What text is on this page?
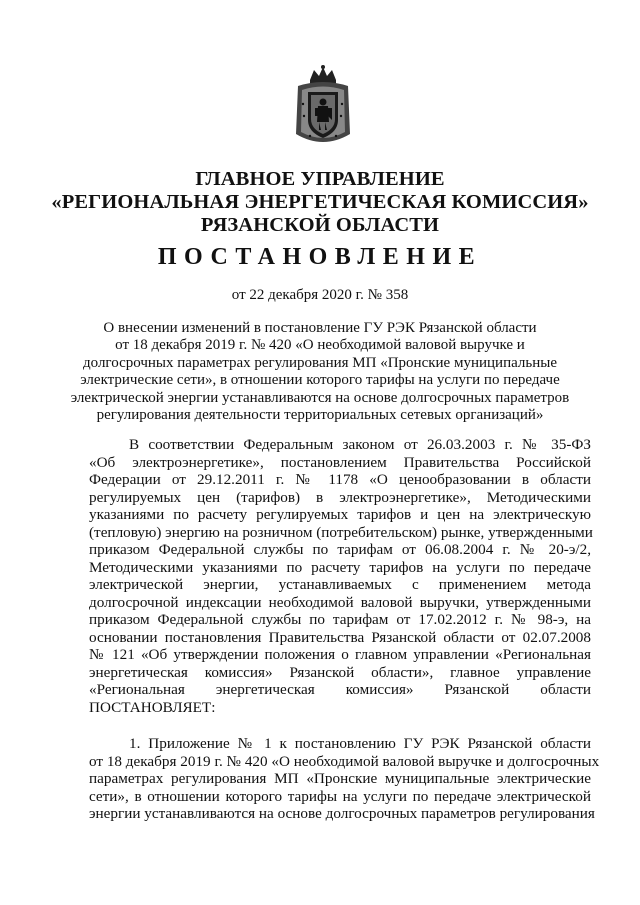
ГЛАВНОЕ УПРАВЛЕНИЕ
«РЕГИОНАЛЬНАЯ ЭНЕРГЕТИЧЕСКАЯ КОМИССИЯ»
РЯЗАНСКОЙ ОБЛАСТИ
ПОСТАНОВЛЕНИЕ
от 22 декабря 2020 г. № 358
О внесении изменений в постановление ГУ РЭК Рязанской области
от 18 декабря 2019 г. № 420 «О необходимой валовой выручке и
долгосрочных параметрах регулирования МП «Пронские муниципальные
электрические сети», в отношении которого тарифы на услуги по передаче
электрической энергии устанавливаются на основе долгосрочных параметров
регулирования деятельности территориальных сетевых организаций»
В соответствии Федеральным законом от 26.03.2003 г. № 35-ФЗ
«Об электроэнергетике», постановлением Правительства Российской
Федерации от 29.12.2011 г. № 1178 «О ценообразовании в области
регулируемых цен (тарифов) в электроэнергетике», Методическими
указаниями по расчету регулируемых тарифов и цен на электрическую
(тепловую) энергию на розничном (потребительском) рынке, утвержденными
приказом Федеральной службы по тарифам от 06.08.2004 г. № 20-э/2,
Методическими указаниями по расчету тарифов на услуги по передаче
электрической энергии, устанавливаемых с применением метода
долгосрочной индексации необходимой валовой выручки, утвержденными
приказом Федеральной службы по тарифам от 17.02.2012 г. № 98-э, на
основании постановления Правительства Рязанской области от 02.07.2008
№ 121 «Об утверждении положения о главном управлении «Региональная
энергетическая комиссия» Рязанской области», главное управление
«Региональная энергетическая комиссия» Рязанской области
ПОСТАНОВЛЯЕТ:
1. Приложение № 1 к постановлению ГУ РЭК Рязанской области
от 18 декабря 2019 г. № 420 «О необходимой валовой выручке и долгосрочных
параметрах регулирования МП «Пронские муниципальные электрические
сети», в отношении которого тарифы на услуги по передаче электрической
энергии устанавливаются на основе долгосрочных параметров регулирования
